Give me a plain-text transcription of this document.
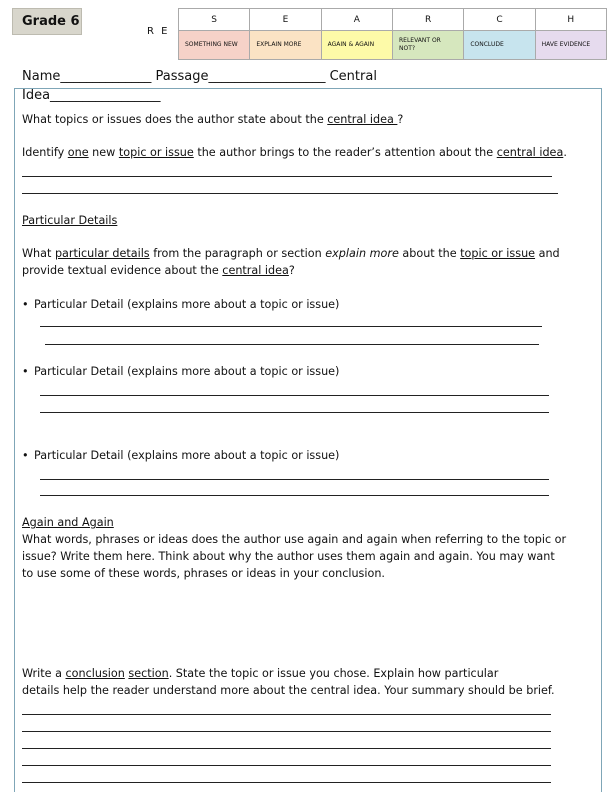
Grade 6
R E
S	E	A	R	C	H
SOMETHING NEW	EXPLAIN MORE	AGAIN & AGAIN	RELEVANT OR NOT?	CONCLUDE	HAVE EVIDENCE
Name______________ Passage__________________ Central
Idea_________________
What topics or issues does the author state about the central idea ?
Identify one new topic or issue the author brings to the reader’s attention about the central idea.
Particular Details
What particular details from the paragraph or section explain more about the topic or issue and
provide textual evidence about the central idea?
• Particular Detail (explains more about a topic or issue)
• Particular Detail (explains more about a topic or issue)
• Particular Detail (explains more about a topic or issue)
Again and Again
What words, phrases or ideas does the author use again and again when referring to the topic or
issue? Write them here. Think about why the author uses them again and again. You may want
to use some of these words, phrases or ideas in your conclusion.
Write a conclusion section. State the topic or issue you chose. Explain how particular
details help the reader understand more about the central idea. Your summary should be brief.
